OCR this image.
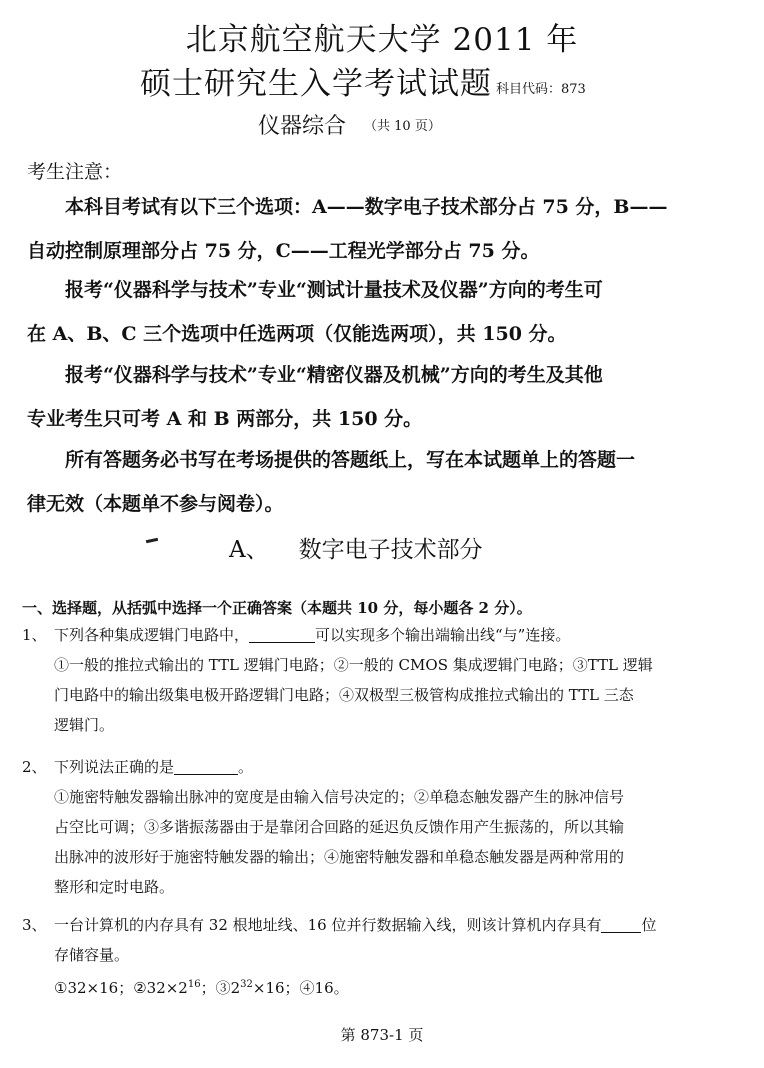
北京航空航天大学 2011 年
硕士研究生入学考试试题 科目代码：873
仪器综合 （共 10 页）
考生注意：

本科目考试有以下三个选项：A——数字电子技术部分占 75 分，B——

自动控制原理部分占 75 分，C——工程光学部分占 75 分。

报考“仪器科学与技术”专业“测试计量技术及仪器”方向的考生可

在 A、B、C 三个选项中任选两项（仅能选两项），共 150 分。

报考“仪器科学与技术”专业“精密仪器及机械”方向的考生及其他

专业考生只可考 A 和 B 两部分，共 150 分。

所有答题务必书写在考场提供的答题纸上，写在本试题单上的答题一

律无效（本题单不参与阅卷）。
A、 数字电子技术部分
一、选择题，从括弧中选择一个正确答案（本题共 10 分，每小题各 2 分）。
1、 下列各种集成逻辑门电路中，	可以实现多个输出端输出线“与”连接。
①一般的推拉式输出的 TTL 逻辑门电路；②一般的 CMOS 集成逻辑门电路；③TTL 逻辑
门电路中的输出级集电极开路逻辑门电路；④双极型三极管构成推拉式输出的 TTL 三态
逻辑门。
2、 下列说法正确的是	。
①施密特触发器输出脉冲的宽度是由输入信号决定的；②单稳态触发器产生的脉冲信号
占空比可调；③多谐振荡器由于是靠闭合回路的延迟负反馈作用产生振荡的，所以其输
出脉冲的波形好于施密特触发器的输出；④施密特触发器和单稳态触发器是两种常用的
整形和定时电路。
3、 一台计算机的内存具有 32 根地址线、16 位并行数据输入线，则该计算机内存具有	位
存储容量。
①32×16；$②32\times 2^{16}$；$③2^{32}\times 16$；④16。
第 873-1 页
